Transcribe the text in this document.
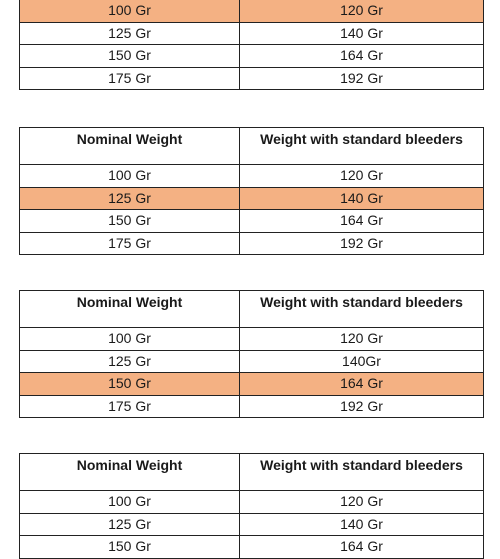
100 Gr	120 Gr
125 Gr	140 Gr
150 Gr	164 Gr
175 Gr	192 Gr
Nominal Weight	Weight with standard bleeders
100 Gr	120 Gr
125 Gr	140 Gr
150 Gr	164 Gr
175 Gr	192 Gr
Nominal Weight	Weight with standard bleeders
100 Gr	120 Gr
125 Gr	140Gr
150 Gr	164 Gr
175 Gr	192 Gr
Nominal Weight	Weight with standard bleeders
100 Gr	120 Gr
125 Gr	140 Gr
150 Gr	164 Gr
